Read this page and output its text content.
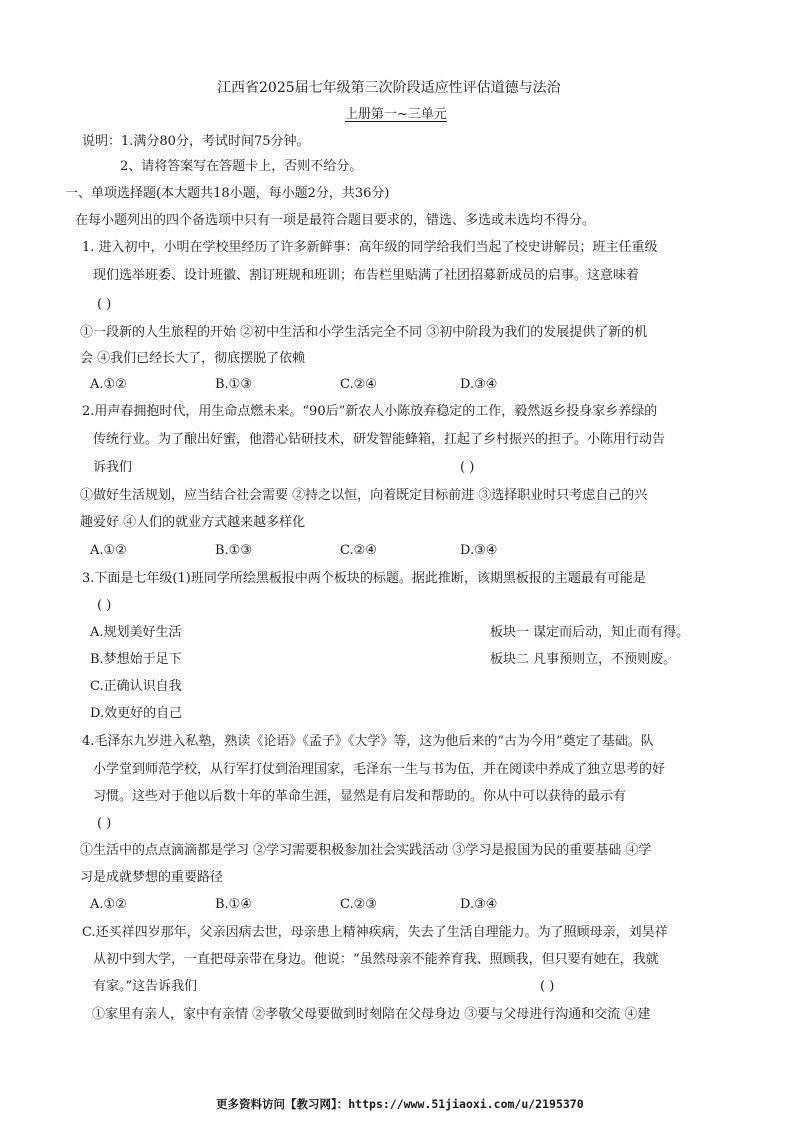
江西省2025届七年级第三次阶段适应性评估道德与法治
上册第一~三单元
说明：1.满分80分，考试时间75分钟。
2、请将答案写在答题卡上，否则不给分。
一、单项选择题(本大题共18小题，每小题2分，共36分)
在每小题列出的四个备选项中只有一项是最符合题目要求的，错选、多选或未选均不得分。
1. 进入初中，小明在学校里经历了许多新鲜事：高年级的同学给我们当起了校史讲解员；班主任重级
现们选举班委、设计班徽、割订班规和班训；布告栏里贴满了社团招募新成员的启事。这意味着
( )
①一段新的人生旅程的开始 ②初中生活和小学生活完全不同 ③初中阶段为我们的发展提供了新的机
会 ④我们已经长大了，彻底摆脱了依赖
A.①②	B.①③	C.②④	D.③④
2.用声春拥抱时代，用生命点燃未来。“90后”新农人小陈放弃稳定的工作，毅然返乡投身家乡养绿的
传统行业。为了酿出好蜜，他潜心钻研技术，研发智能蜂箱，扛起了乡村振兴的担子。小陈用行动告
诉我们	( )
①做好生活规划，应当结合社会需要 ②持之以恒，向着既定目标前进 ③选择职业时只考虑自己的兴
趣爱好 ④人们的就业方式越来越多样化
A.①②	B.①③	C.②④	D.③④
3.下面是七年级(1)班同学所绘黑板报中两个板块的标题。据此推断，该期黑板报的主题最有可能是
( )
A.规划美好生活	板块一 谋定而后动，知止而有得。
B.梦想始于足下	板块二 凡事预则立，不预则废。
C.正确认识自我
D.效更好的自己
4.毛泽东九岁进入私塾，熟读《论语》《孟子》《大学》等，这为他后来的“古为今用”奠定了基础。队
小学堂到师范学校，从行军打仗到治理国家，毛泽东一生与书为伍，并在阅读中养成了独立思考的好
习惯。这些对于他以后数十年的革命生涯，显然是有启发和帮助的。你从中可以获待的最示有
( )
①生活中的点点滴滴都是学习 ②学习需要积极参加社会实践活动 ③学习是报国为民的重要基础 ④学
习是成就梦想的重要路径
A.①②	B.①④	C.②③	D.③④
C.还买祥四岁那年，父亲因病去世，母亲患上精神疾病，失去了生活自理能力。为了照顾母亲，刘昊祥
从初中到大学，一直把母亲带在身边。他说：“虽然母亲不能养育我、照顾我，但只要有她在，我就
有家。”这告诉我们	( )
①家里有亲人，家中有亲情 ②孝敬父母要做到时刻陪在父母身边 ③要与父母进行沟通和交流 ④建
更多资料访问【教习网】：https://www.51jiaoxi.com/u/2195370
